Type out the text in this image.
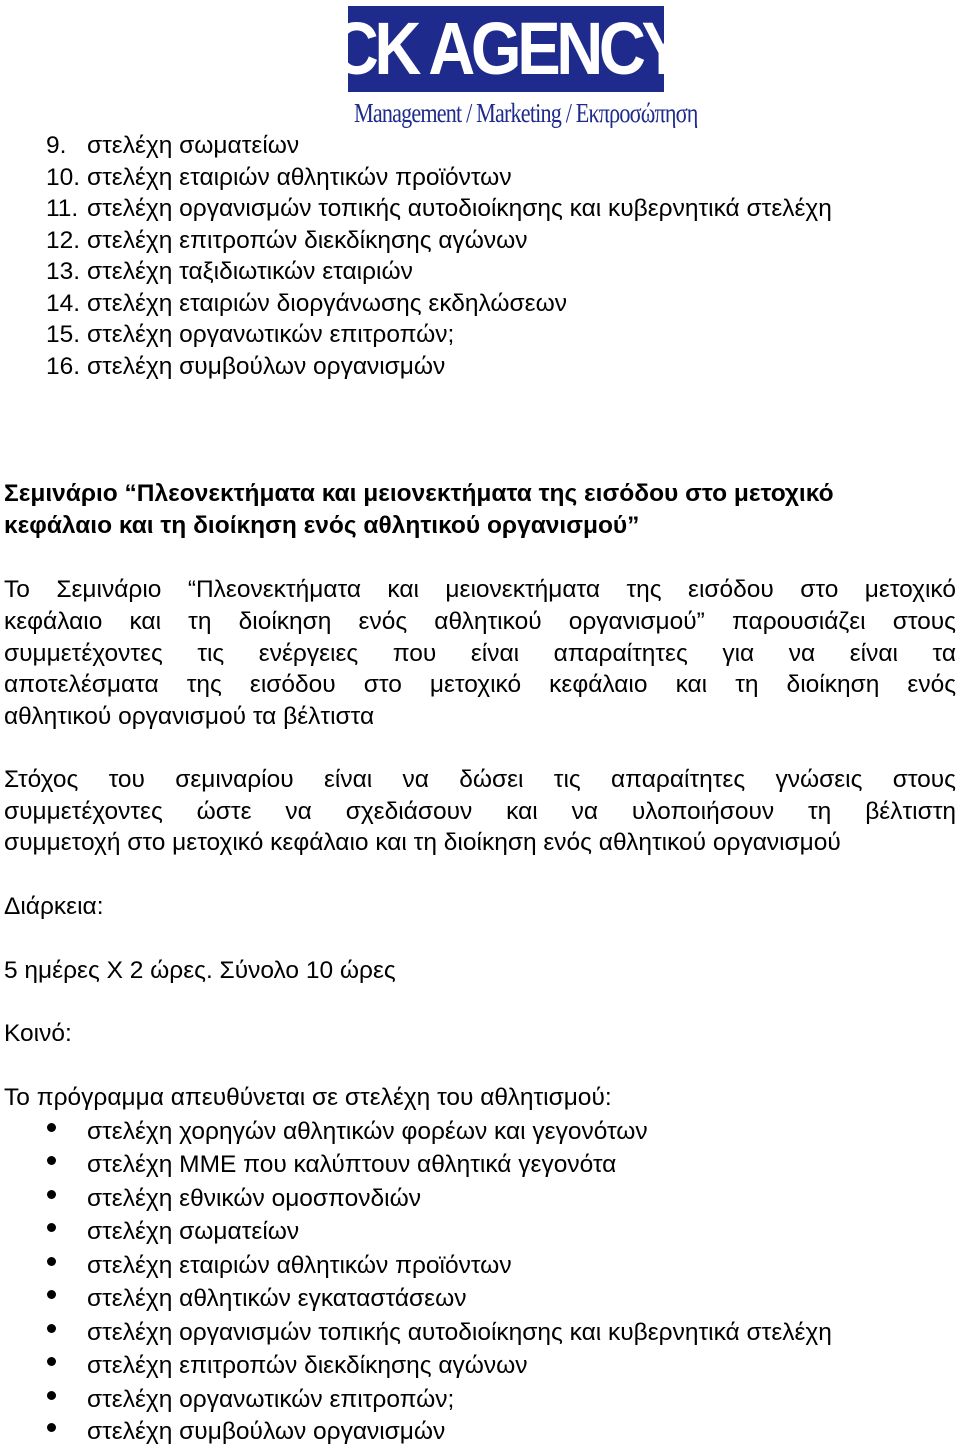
CK AGENCY
Management / Marketing / Εκπροσώπηση
9. στελέχη σωματείων
10. στελέχη εταιριών αθλητικών προϊόντων
11. στελέχη οργανισμών τοπικής αυτοδιοίκησης και κυβερνητικά στελέχη
12. στελέχη επιτροπών διεκδίκησης αγώνων
13. στελέχη ταξιδιωτικών εταιριών
14. στελέχη εταιριών διοργάνωσης εκδηλώσεων
15. στελέχη οργανωτικών επιτροπών;
16. στελέχη συμβούλων οργανισμών
Σεμινάριο “Πλεονεκτήματα και μειονεκτήματα της εισόδου στο μετοχικό
κεφάλαιο και τη διοίκηση ενός αθλητικού οργανισμού”
Το Σεμινάριο “Πλεονεκτήματα και μειονεκτήματα της εισόδου στο μετοχικό
κεφάλαιο και τη διοίκηση ενός αθλητικού οργανισμού” παρουσιάζει στους
συμμετέχοντες τις ενέργειες που είναι απαραίτητες για να είναι τα
αποτελέσματα της εισόδου στο μετοχικό κεφάλαιο και τη διοίκηση ενός
αθλητικού οργανισμού τα βέλτιστα
Στόχος του σεμιναρίου είναι να δώσει τις απαραίτητες γνώσεις στους
συμμετέχοντες ώστε να σχεδιάσουν και να υλοποιήσουν τη βέλτιστη
συμμετοχή στο μετοχικό κεφάλαιο και τη διοίκηση ενός αθλητικού οργανισμού
Διάρκεια:
5 ημέρες Χ 2 ώρες. Σύνολο 10 ώρες
Κοινό:
Το πρόγραμμα απευθύνεται σε στελέχη του αθλητισμού:
στελέχη χορηγών αθλητικών φορέων και γεγονότων
στελέχη ΜΜΕ που καλύπτουν αθλητικά γεγονότα
στελέχη εθνικών ομοσπονδιών
στελέχη σωματείων
στελέχη εταιριών αθλητικών προϊόντων
στελέχη αθλητικών εγκαταστάσεων
στελέχη οργανισμών τοπικής αυτοδιοίκησης και κυβερνητικά στελέχη
στελέχη επιτροπών διεκδίκησης αγώνων
στελέχη οργανωτικών επιτροπών;
στελέχη συμβούλων οργανισμών
